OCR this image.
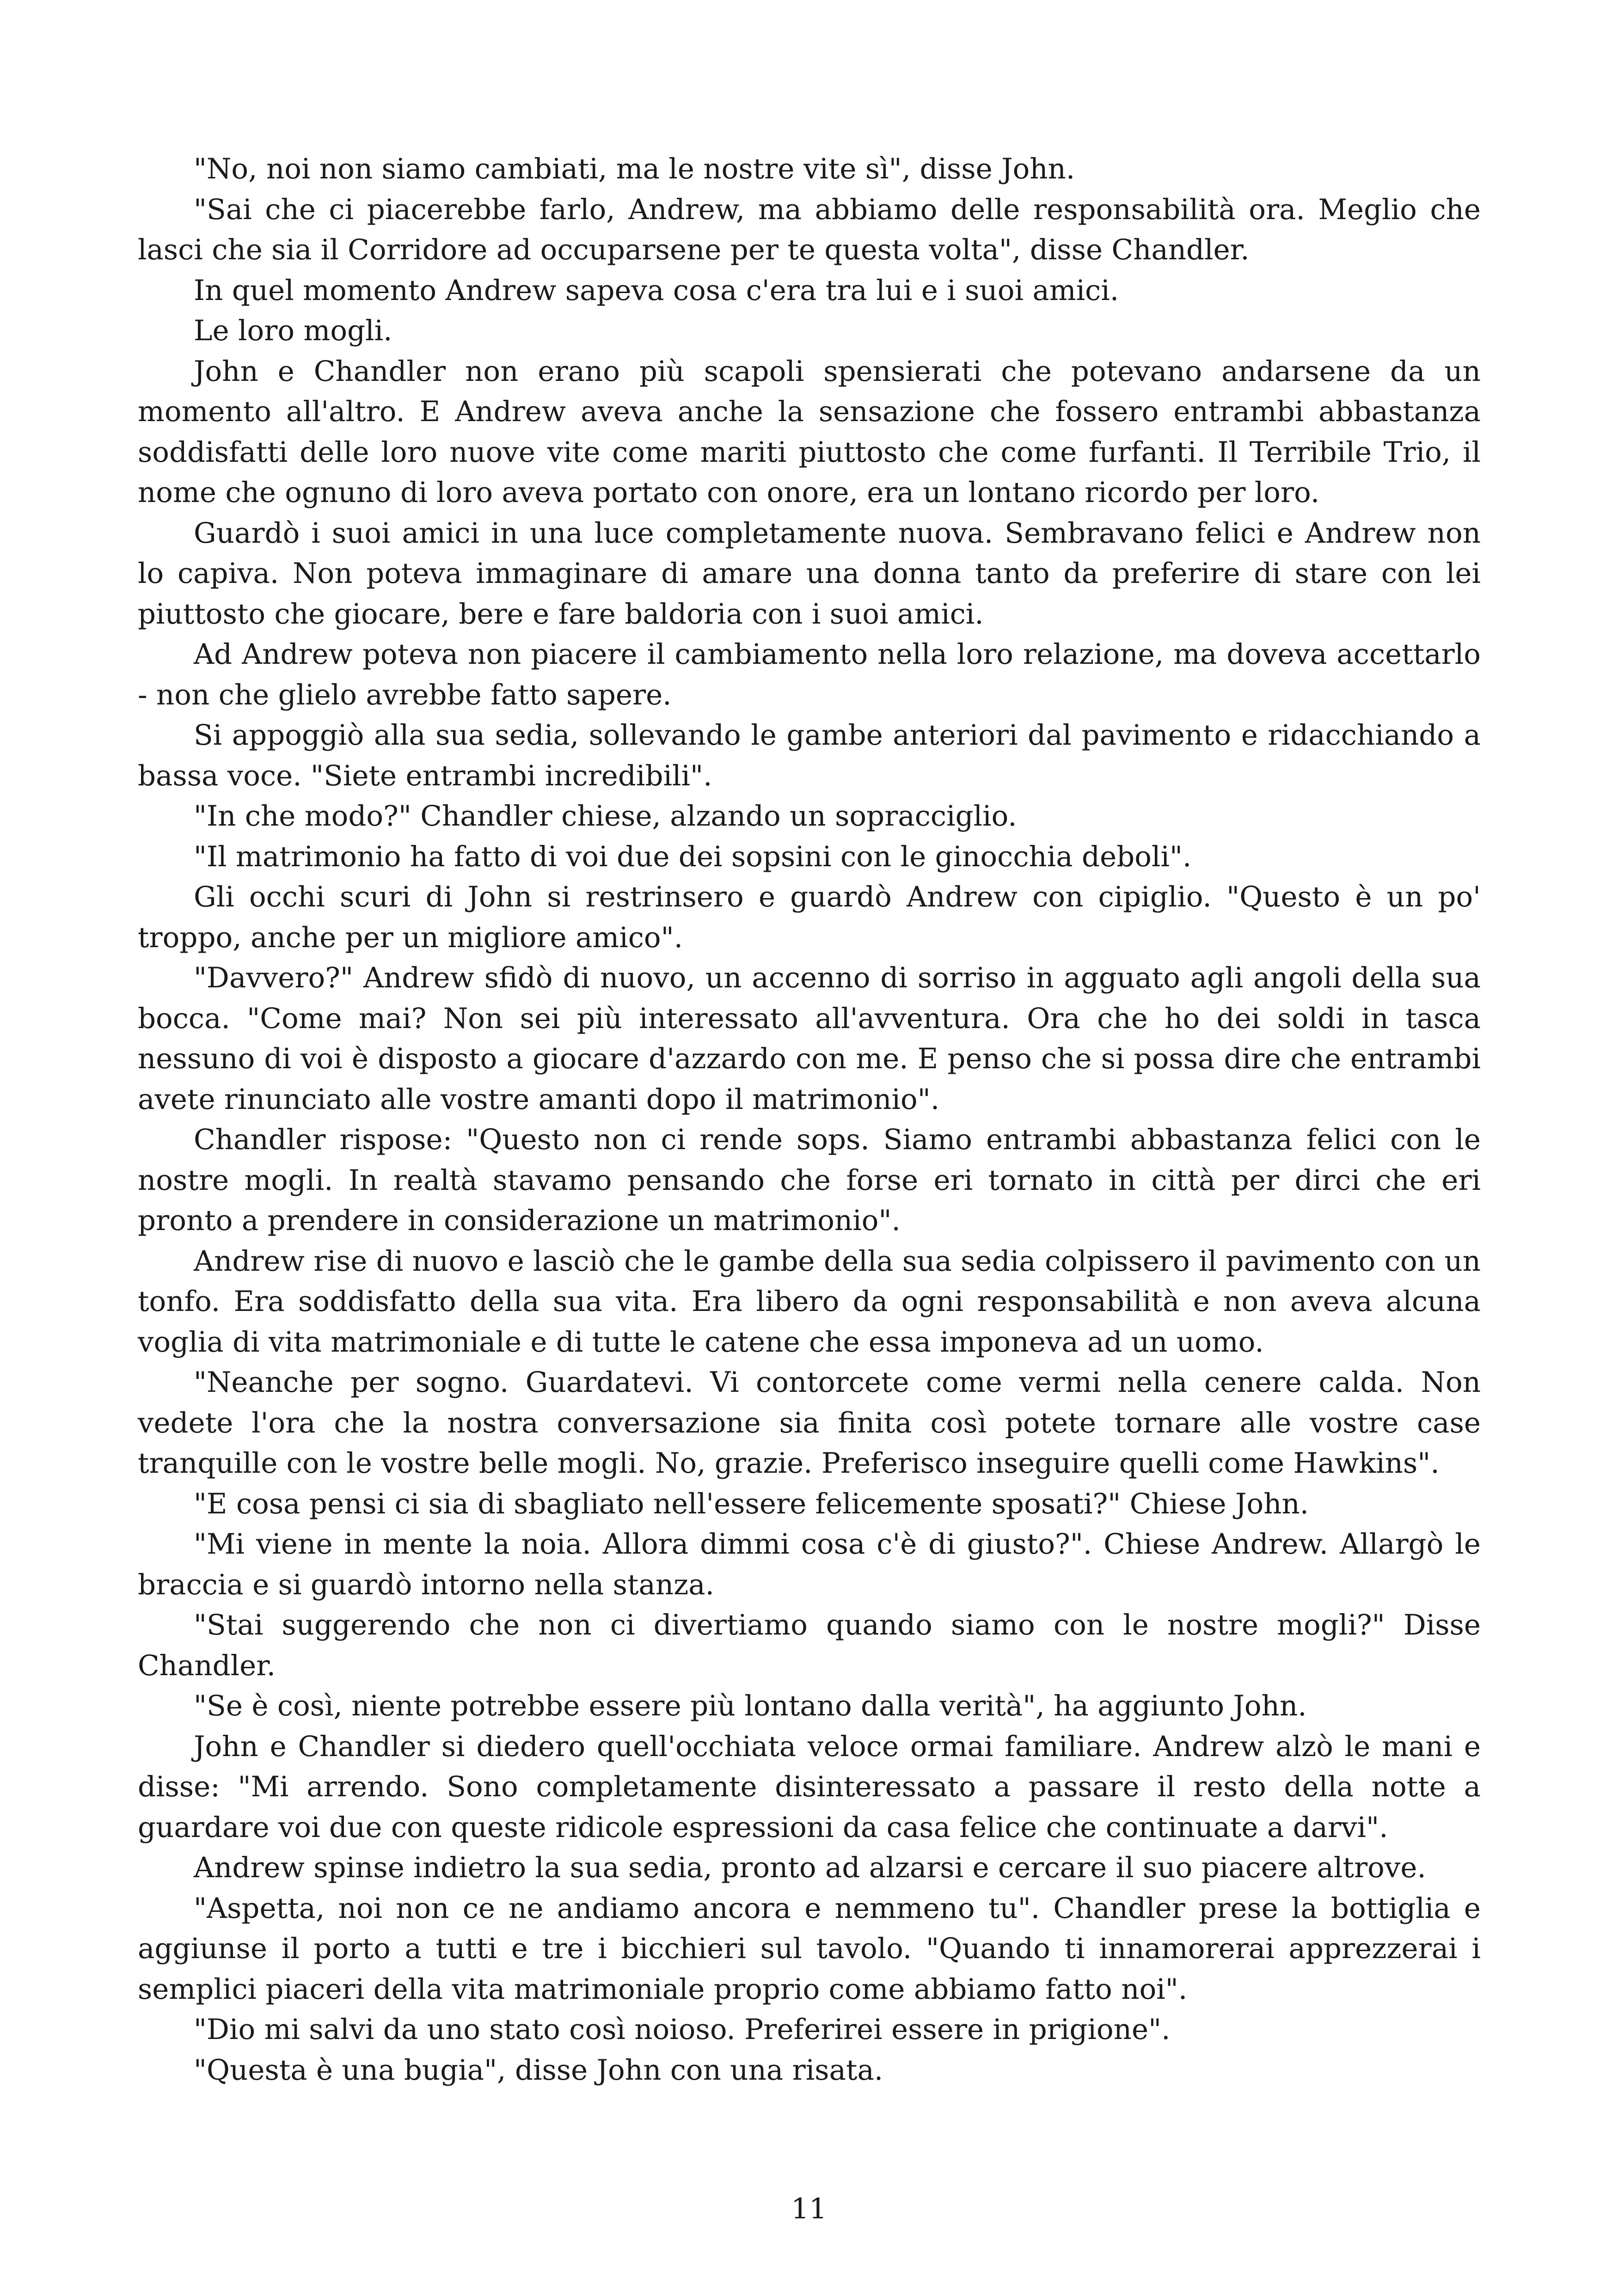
"No, noi non siamo cambiati, ma le nostre vite sì", disse John.

"Sai che ci piacerebbe farlo, Andrew, ma abbiamo delle responsabilità ora. Meglio che lasci che sia il Corridore ad occuparsene per te questa volta", disse Chandler.

In quel momento Andrew sapeva cosa c'era tra lui e i suoi amici.

Le loro mogli.

John e Chandler non erano più scapoli spensierati che potevano andarsene da un momento all'altro. E Andrew aveva anche la sensazione che fossero entrambi abbastanza soddisfatti delle loro nuove vite come mariti piuttosto che come furfanti. Il Terribile Trio, il nome che ognuno di loro aveva portato con onore, era un lontano ricordo per loro.

Guardò i suoi amici in una luce completamente nuova. Sembravano felici e Andrew non lo capiva. Non poteva immaginare di amare una donna tanto da preferire di stare con lei piuttosto che giocare, bere e fare baldoria con i suoi amici.

Ad Andrew poteva non piacere il cambiamento nella loro relazione, ma doveva accettarlo - non che glielo avrebbe fatto sapere.

Si appoggiò alla sua sedia, sollevando le gambe anteriori dal pavimento e ridacchiando a bassa voce. "Siete entrambi incredibili".

"In che modo?" Chandler chiese, alzando un sopracciglio.

"Il matrimonio ha fatto di voi due dei sopsini con le ginocchia deboli".

Gli occhi scuri di John si restrinsero e guardò Andrew con cipiglio. "Questo è un po' troppo, anche per un migliore amico".

"Davvero?" Andrew sfidò di nuovo, un accenno di sorriso in agguato agli angoli della sua bocca. "Come mai? Non sei più interessato all'avventura. Ora che ho dei soldi in tasca nessuno di voi è disposto a giocare d'azzardo con me. E penso che si possa dire che entrambi avete rinunciato alle vostre amanti dopo il matrimonio".

Chandler rispose: "Questo non ci rende sops. Siamo entrambi abbastanza felici con le nostre mogli. In realtà stavamo pensando che forse eri tornato in città per dirci che eri pronto a prendere in considerazione un matrimonio".

Andrew rise di nuovo e lasciò che le gambe della sua sedia colpissero il pavimento con un tonfo. Era soddisfatto della sua vita. Era libero da ogni responsabilità e non aveva alcuna voglia di vita matrimoniale e di tutte le catene che essa imponeva ad un uomo.

"Neanche per sogno. Guardatevi. Vi contorcete come vermi nella cenere calda. Non vedete l'ora che la nostra conversazione sia finita così potete tornare alle vostre case tranquille con le vostre belle mogli. No, grazie. Preferisco inseguire quelli come Hawkins".

"E cosa pensi ci sia di sbagliato nell'essere felicemente sposati?" Chiese John.

"Mi viene in mente la noia. Allora dimmi cosa c'è di giusto?". Chiese Andrew. Allargò le braccia e si guardò intorno nella stanza.

"Stai suggerendo che non ci divertiamo quando siamo con le nostre mogli?" Disse Chandler.

"Se è così, niente potrebbe essere più lontano dalla verità", ha aggiunto John.

John e Chandler si diedero quell'occhiata veloce ormai familiare. Andrew alzò le mani e disse: "Mi arrendo. Sono completamente disinteressato a passare il resto della notte a guardare voi due con queste ridicole espressioni da casa felice che continuate a darvi".

Andrew spinse indietro la sua sedia, pronto ad alzarsi e cercare il suo piacere altrove.

"Aspetta, noi non ce ne andiamo ancora e nemmeno tu". Chandler prese la bottiglia e aggiunse il porto a tutti e tre i bicchieri sul tavolo. "Quando ti innamorerai apprezzerai i semplici piaceri della vita matrimoniale proprio come abbiamo fatto noi".

"Dio mi salvi da uno stato così noioso. Preferirei essere in prigione".

"Questa è una bugia", disse John con una risata.

11
